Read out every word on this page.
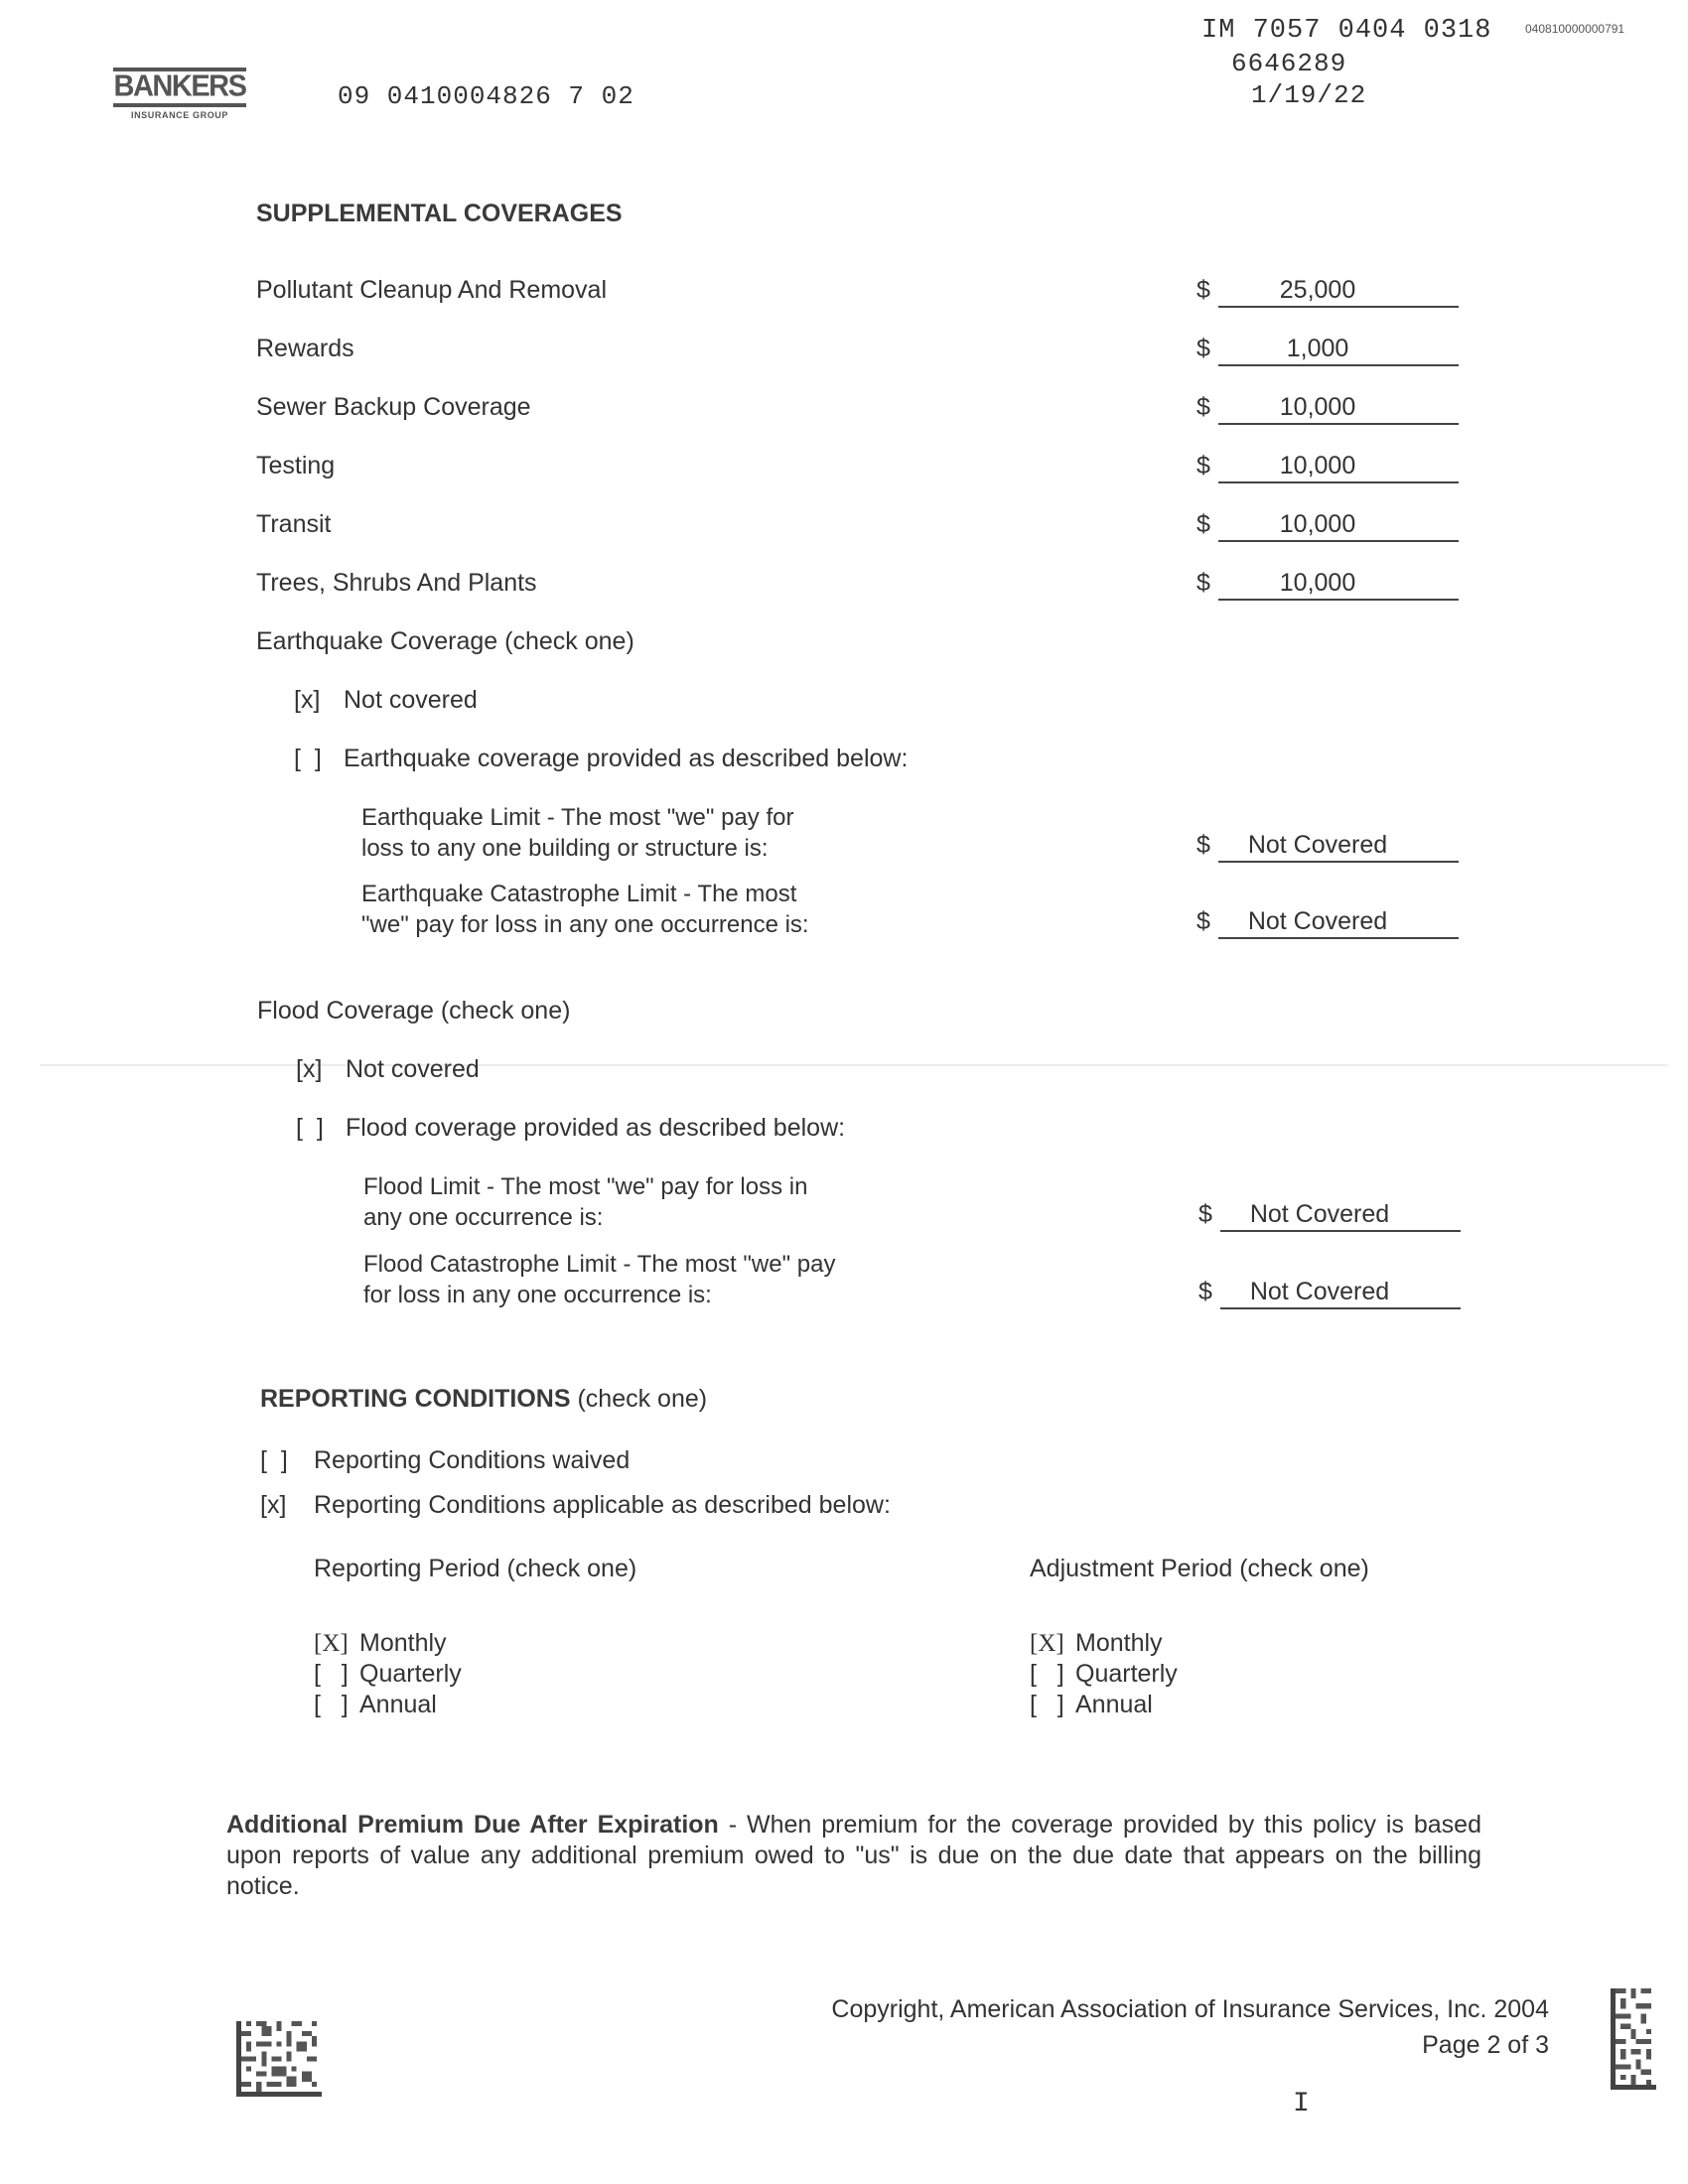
BANKERS
INSURANCE GROUP
09 0410004826 7 02
IM 7057 0404 0318
6646289
1/19/22
040810000000791
SUPPLEMENTAL COVERAGES
Pollutant Cleanup And Removal	$	25,000
Rewards	$	1,000
Sewer Backup Coverage	$	10,000
Testing	$	10,000
Transit	$	10,000
Trees, Shrubs And Plants	$	10,000
Earthquake Coverage (check one)
[x] Not covered
[  ] Earthquake coverage provided as described below:
Earthquake Limit - The most "we" pay for
loss to any one building or structure is:	$	Not Covered
Earthquake Catastrophe Limit - The most
"we" pay for loss in any one occurrence is:	$	Not Covered
Flood Coverage (check one)
[x] Not covered
[  ] Flood coverage provided as described below:
Flood Limit - The most "we" pay for loss in
any one occurrence is:	$	Not Covered
Flood Catastrophe Limit - The most "we" pay
for loss in any one occurrence is:	$	Not Covered
REPORTING CONDITIONS (check one)
[  ] Reporting Conditions waived
[x] Reporting Conditions applicable as described below:
Reporting Period (check one)
[X] Monthly
[   ] Quarterly
[   ] Annual
Adjustment Period (check one)
[X] Monthly
[   ] Quarterly
[   ] Annual
Additional Premium Due After Expiration - When premium for the coverage provided by this policy is based upon reports of value any additional premium owed to "us" is due on the due date that appears on the billing notice.
Copyright, American Association of Insurance Services, Inc. 2004
Page 2 of 3
I
